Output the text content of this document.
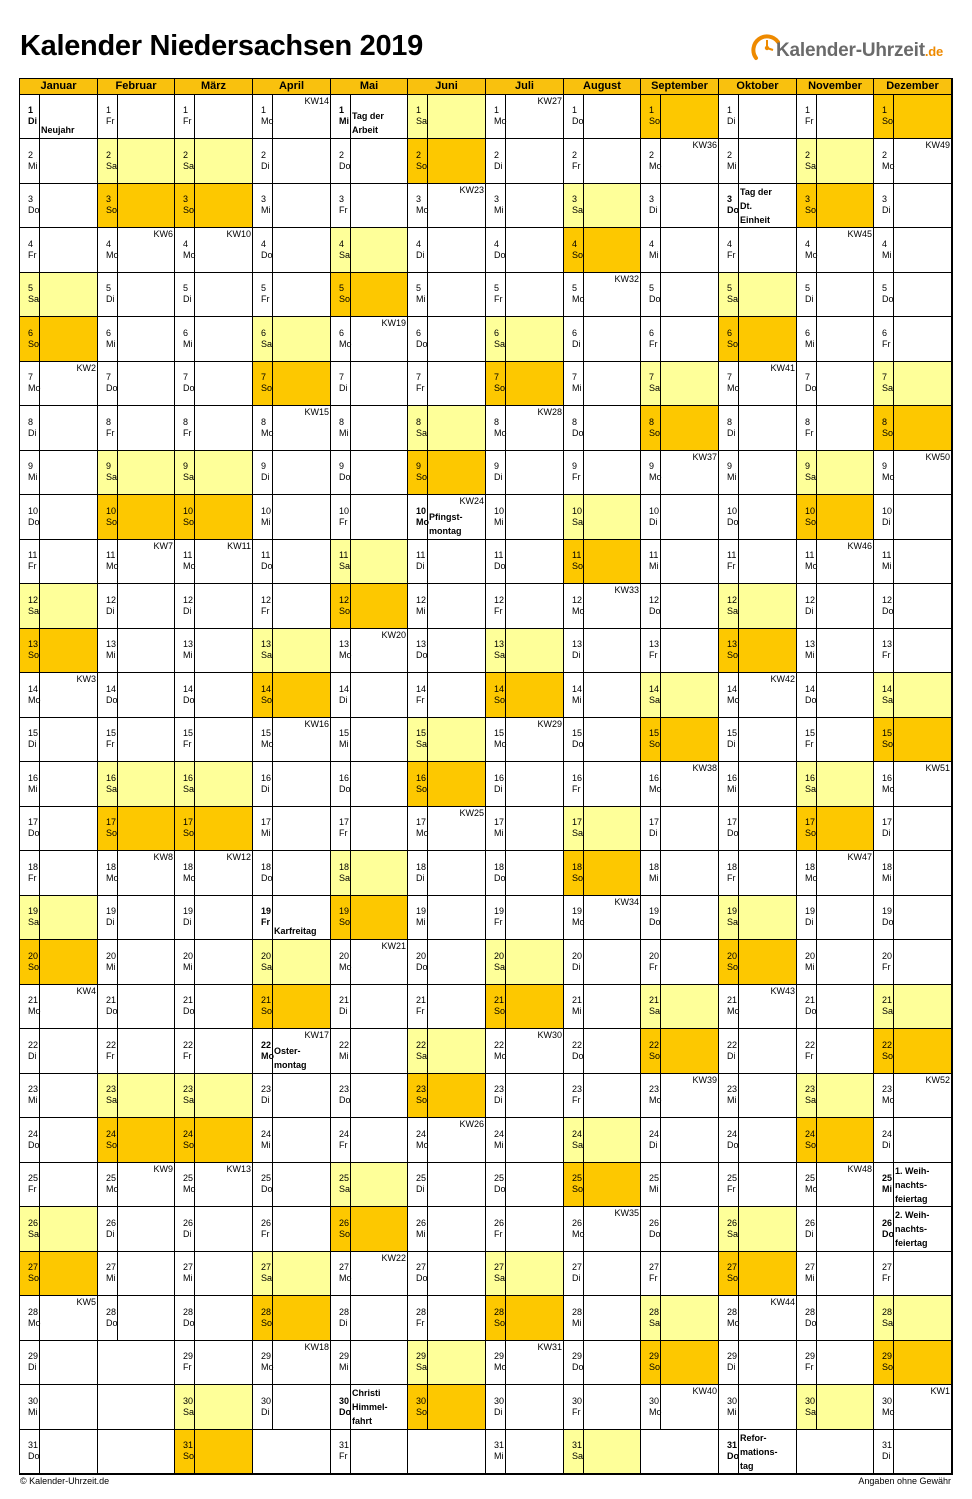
Kalender Niedersachsen 2019	Kalender-Uhrzeit.de
Januar
1
Di
Neujahr
2
Mi
3
Do
4
Fr
5
Sa
6
So
7
Mo
KW2
8
Di
9
Mi
10
Do
11
Fr
12
Sa
13
So
14
Mo
KW3
15
Di
16
Mi
17
Do
18
Fr
19
Sa
20
So
21
Mo
KW4
22
Di
23
Mi
24
Do
25
Fr
26
Sa
27
So
28
Mo
KW5
29
Di
30
Mi
31
Do
Februar
1
Fr
2
Sa
3
So
4
Mo
KW6
5
Di
6
Mi
7
Do
8
Fr
9
Sa
10
So
11
Mo
KW7
12
Di
13
Mi
14
Do
15
Fr
16
Sa
17
So
18
Mo
KW8
19
Di
20
Mi
21
Do
22
Fr
23
Sa
24
So
25
Mo
KW9
26
Di
27
Mi
28
Do
März
1
Fr
2
Sa
3
So
4
Mo
KW10
5
Di
6
Mi
7
Do
8
Fr
9
Sa
10
So
11
Mo
KW11
12
Di
13
Mi
14
Do
15
Fr
16
Sa
17
So
18
Mo
KW12
19
Di
20
Mi
21
Do
22
Fr
23
Sa
24
So
25
Mo
KW13
26
Di
27
Mi
28
Do
29
Fr
30
Sa
31
So
April
1
Mo
KW14
2
Di
3
Mi
4
Do
5
Fr
6
Sa
7
So
8
Mo
KW15
9
Di
10
Mi
11
Do
12
Fr
13
Sa
14
So
15
Mo
KW16
16
Di
17
Mi
18
Do
19
Fr
Karfreitag
20
Sa
21
So
22
Mo
KW17
Oster-
montag
23
Di
24
Mi
25
Do
26
Fr
27
Sa
28
So
29
Mo
KW18
30
Di
Mai
1
Mi Tag der
Arbeit
2
Do
3
Fr
4
Sa
5
So
6
Mo
KW19
7
Di
8
Mi
9
Do
10
Fr
11
Sa
12
So
13
Mo
KW20
14
Di
15
Mi
16
Do
17
Fr
18
Sa
19
So
20
Mo
KW21
21
Di
22
Mi
23
Do
24
Fr
25
Sa
26
So
27
Mo
KW22
28
Di
29
Mi
30
Do
Christi
Himmel-
fahrt
31
Fr
Juni
1
Sa
2
So
3
Mo
KW23
4
Di
5
Mi
6
Do
7
Fr
8
Sa
9
So
10
Mo
KW24
Pfingst-
montag
11
Di
12
Mi
13
Do
14
Fr
15
Sa
16
So
17
Mo
KW25
18
Di
19
Mi
20
Do
21
Fr
22
Sa
23
So
24
Mo
KW26
25
Di
26
Mi
27
Do
28
Fr
29
Sa
30
So
Juli
1
Mo
KW27
2
Di
3
Mi
4
Do
5
Fr
6
Sa
7
So
8
Mo
KW28
9
Di
10
Mi
11
Do
12
Fr
13
Sa
14
So
15
Mo
KW29
16
Di
17
Mi
18
Do
19
Fr
20
Sa
21
So
22
Mo
KW30
23
Di
24
Mi
25
Do
26
Fr
27
Sa
28
So
29
Mo
KW31
30
Di
31
Mi
August
1
Do
2
Fr
3
Sa
4
So
5
Mo
KW32
6
Di
7
Mi
8
Do
9
Fr
10
Sa
11
So
12
Mo
KW33
13
Di
14
Mi
15
Do
16
Fr
17
Sa
18
So
19
Mo
KW34
20
Di
21
Mi
22
Do
23
Fr
24
Sa
25
So
26
Mo
KW35
27
Di
28
Mi
29
Do
30
Fr
31
Sa
September
1
So
2
Mo
KW36
3
Di
4
Mi
5
Do
6
Fr
7
Sa
8
So
9
Mo
KW37
10
Di
11
Mi
12
Do
13
Fr
14
Sa
15
So
16
Mo
KW38
17
Di
18
Mi
19
Do
20
Fr
21
Sa
22
So
23
Mo
KW39
24
Di
25
Mi
26
Do
27
Fr
28
Sa
29
So
30
Mo
KW40
Oktober
1
Di
2
Mi
3
Do
Tag der
Dt.
Einheit
4
Fr
5
Sa
6
So
7
Mo
KW41
8
Di
9
Mi
10
Do
11
Fr
12
Sa
13
So
14
Mo
KW42
15
Di
16
Mi
17
Do
18
Fr
19
Sa
20
So
21
Mo
KW43
22
Di
23
Mi
24
Do
25
Fr
26
Sa
27
So
28
Mo
KW44
29
Di
30
Mi
31
Do
Refor-
mations-
tag
November
1
Fr
2
Sa
3
So
4
Mo
KW45
5
Di
6
Mi
7
Do
8
Fr
9
Sa
10
So
11
Mo
KW46
12
Di
13
Mi
14
Do
15
Fr
16
Sa
17
So
18
Mo
KW47
19
Di
20
Mi
21
Do
22
Fr
23
Sa
24
So
25
Mo
KW48
26
Di
27
Mi
28
Do
29
Fr
30
Sa
Dezember
1
So
2
Mo
KW49
3
Di
4
Mi
5
Do
6
Fr
7
Sa
8
So
9
Mo
KW50
10
Di
11
Mi
12
Do
13
Fr
14
Sa
15
So
16
Mo
KW51
17
Di
18
Mi
19
Do
20
Fr
21
Sa
22
So
23
Mo
KW52
24
Di
25
Mi
1. Weih-
nachts-
feiertag
26
Do
2. Weih-
nachts-
feiertag
27
Fr
28
Sa
29
So
30
Mo
KW1
31
Di
© Kalender-Uhrzeit.de	Angaben ohne Gewähr
